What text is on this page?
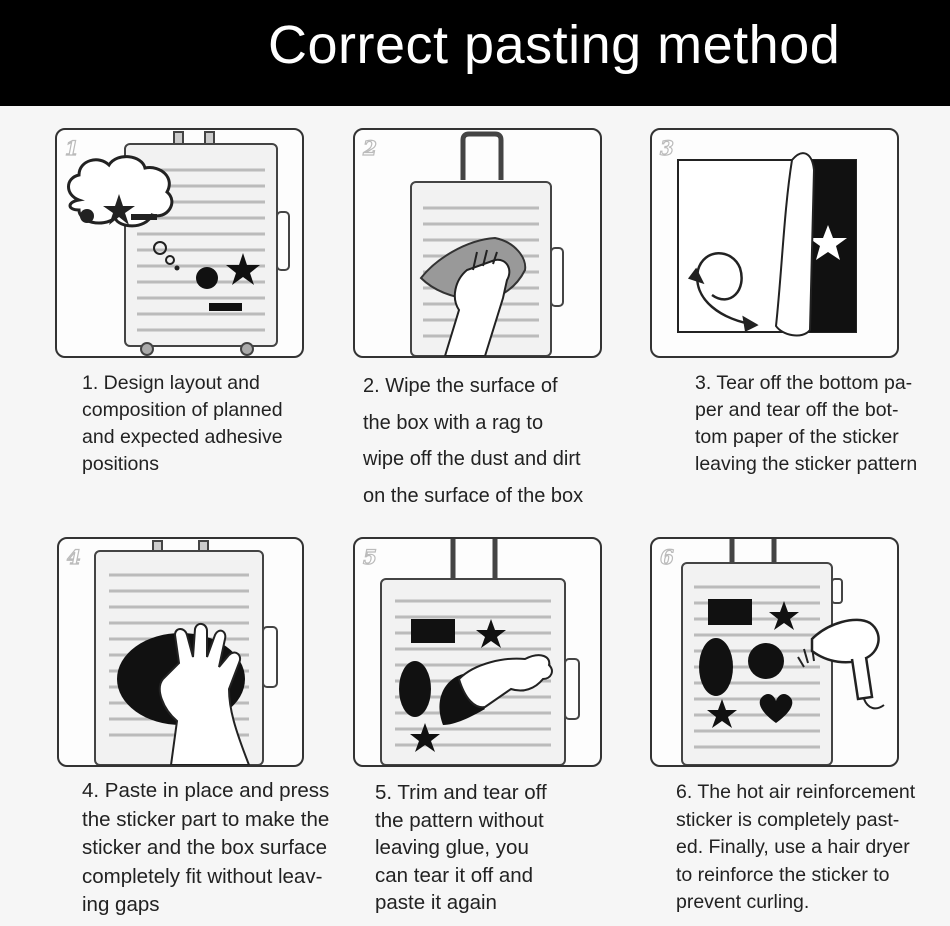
Correct pasting method
1	2	3
4	5	6
1. Design layout and
composition of planned
and expected adhesive
positions
2. Wipe the surface of
the box with a rag to
wipe off the dust and dirt
on the surface of the box
3. Tear off the bottom pa-
per and tear off the bot-
tom paper of the sticker
leaving the sticker pattern
4. Paste in place and press
the sticker part to make the
sticker and the box surface
completely fit without leav-
ing gaps
5. Trim and tear off
the pattern without
leaving glue, you
can tear it off and
paste it again
6. The hot air reinforcement
sticker is completely past-
ed. Finally, use a hair dryer
to reinforce the sticker to
prevent curling.
